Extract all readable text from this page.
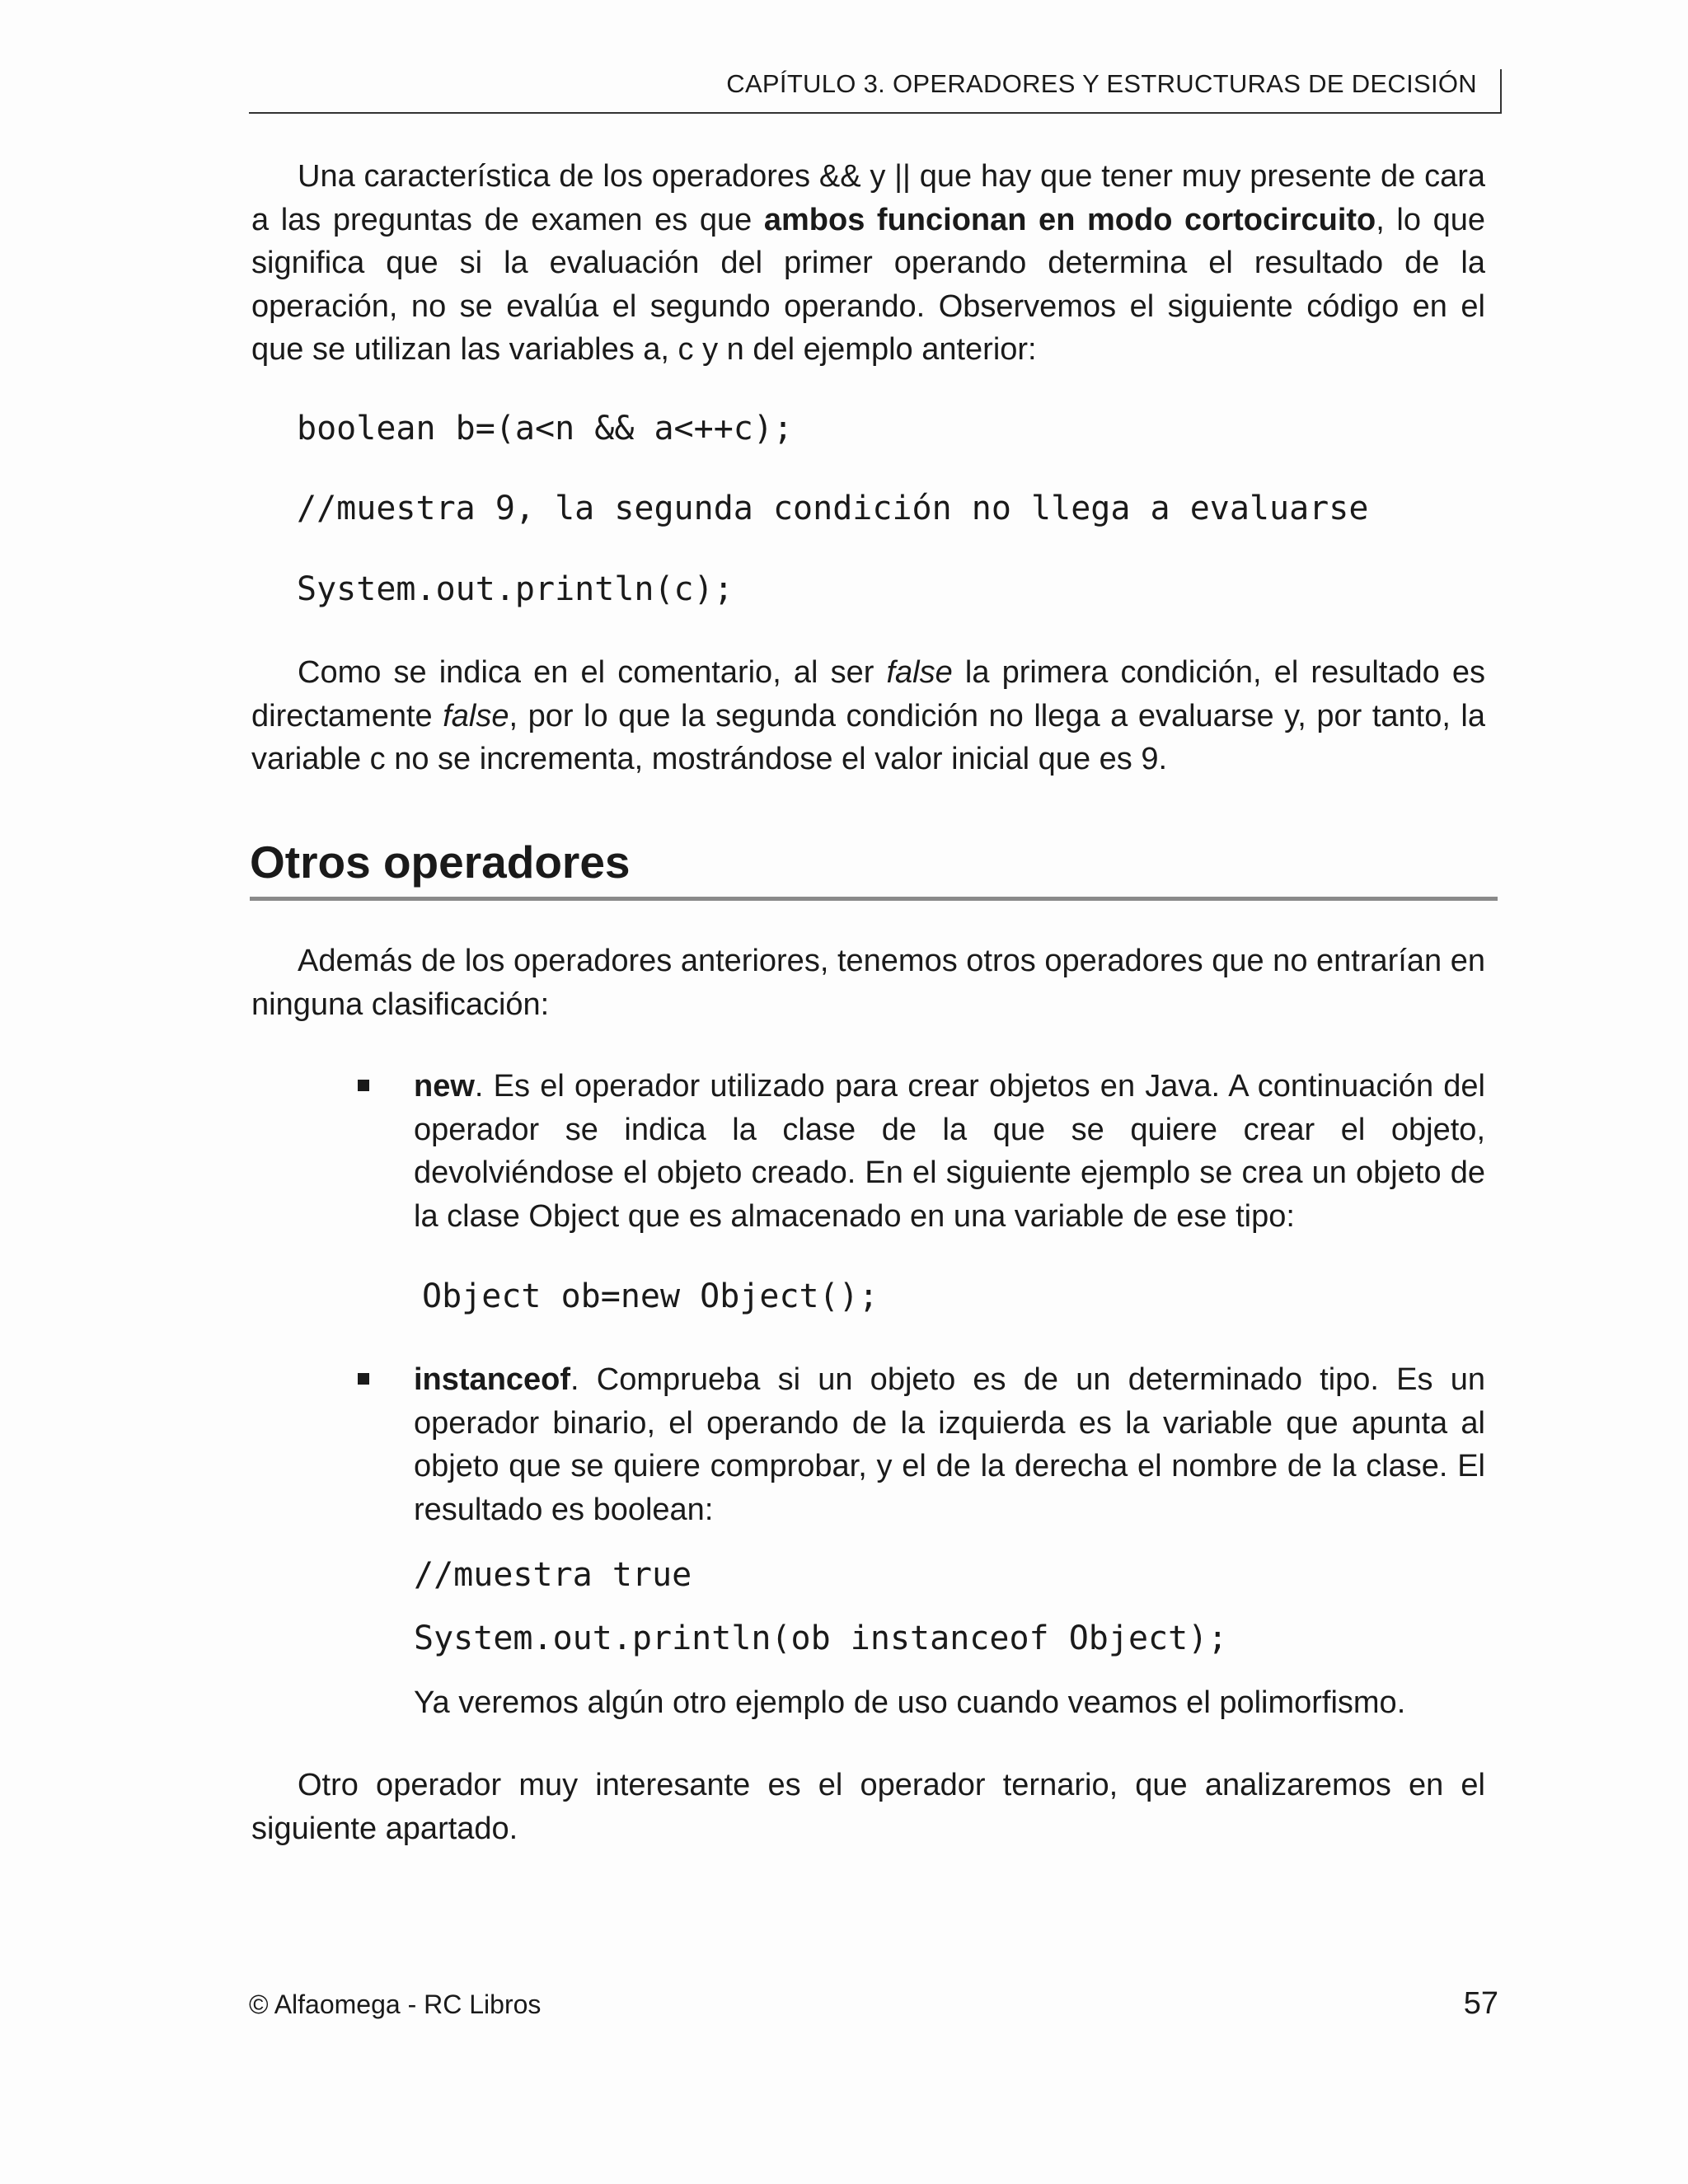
CAPÍTULO 3. OPERADORES Y ESTRUCTURAS DE DECISIÓN
Una característica de los operadores && y || que hay que tener muy presente de cara a las preguntas de examen es que ambos funcionan en modo cortocircuito, lo que significa que si la evaluación del primer operando determina el resultado de la operación, no se evalúa el segundo operando. Observemos el siguiente código en el que se utilizan las variables a, c y n del ejemplo anterior:
boolean b=(a<n && a<++c);
//muestra 9, la segunda condición no llega a evaluarse
System.out.println(c);
Como se indica en el comentario, al ser false la primera condición, el resultado es directamente false, por lo que la segunda condición no llega a evaluarse y, por tanto, la variable c no se incrementa, mostrándose el valor inicial que es 9.
Otros operadores
Además de los operadores anteriores, tenemos otros operadores que no entrarían en ninguna clasificación:
new. Es el operador utilizado para crear objetos en Java. A continuación del operador se indica la clase de la que se quiere crear el objeto, devolviéndose el objeto creado. En el siguiente ejemplo se crea un objeto de la clase Object que es almacenado en una variable de ese tipo:
Object ob=new Object();
instanceof. Comprueba si un objeto es de un determinado tipo. Es un operador binario, el operando de la izquierda es la variable que apunta al objeto que se quiere comprobar, y el de la derecha el nombre de la clase. El resultado es boolean:
//muestra true
System.out.println(ob instanceof Object);
Ya veremos algún otro ejemplo de uso cuando veamos el polimorfismo.
Otro operador muy interesante es el operador ternario, que analizaremos en el siguiente apartado.
© Alfaomega - RC Libros	57
